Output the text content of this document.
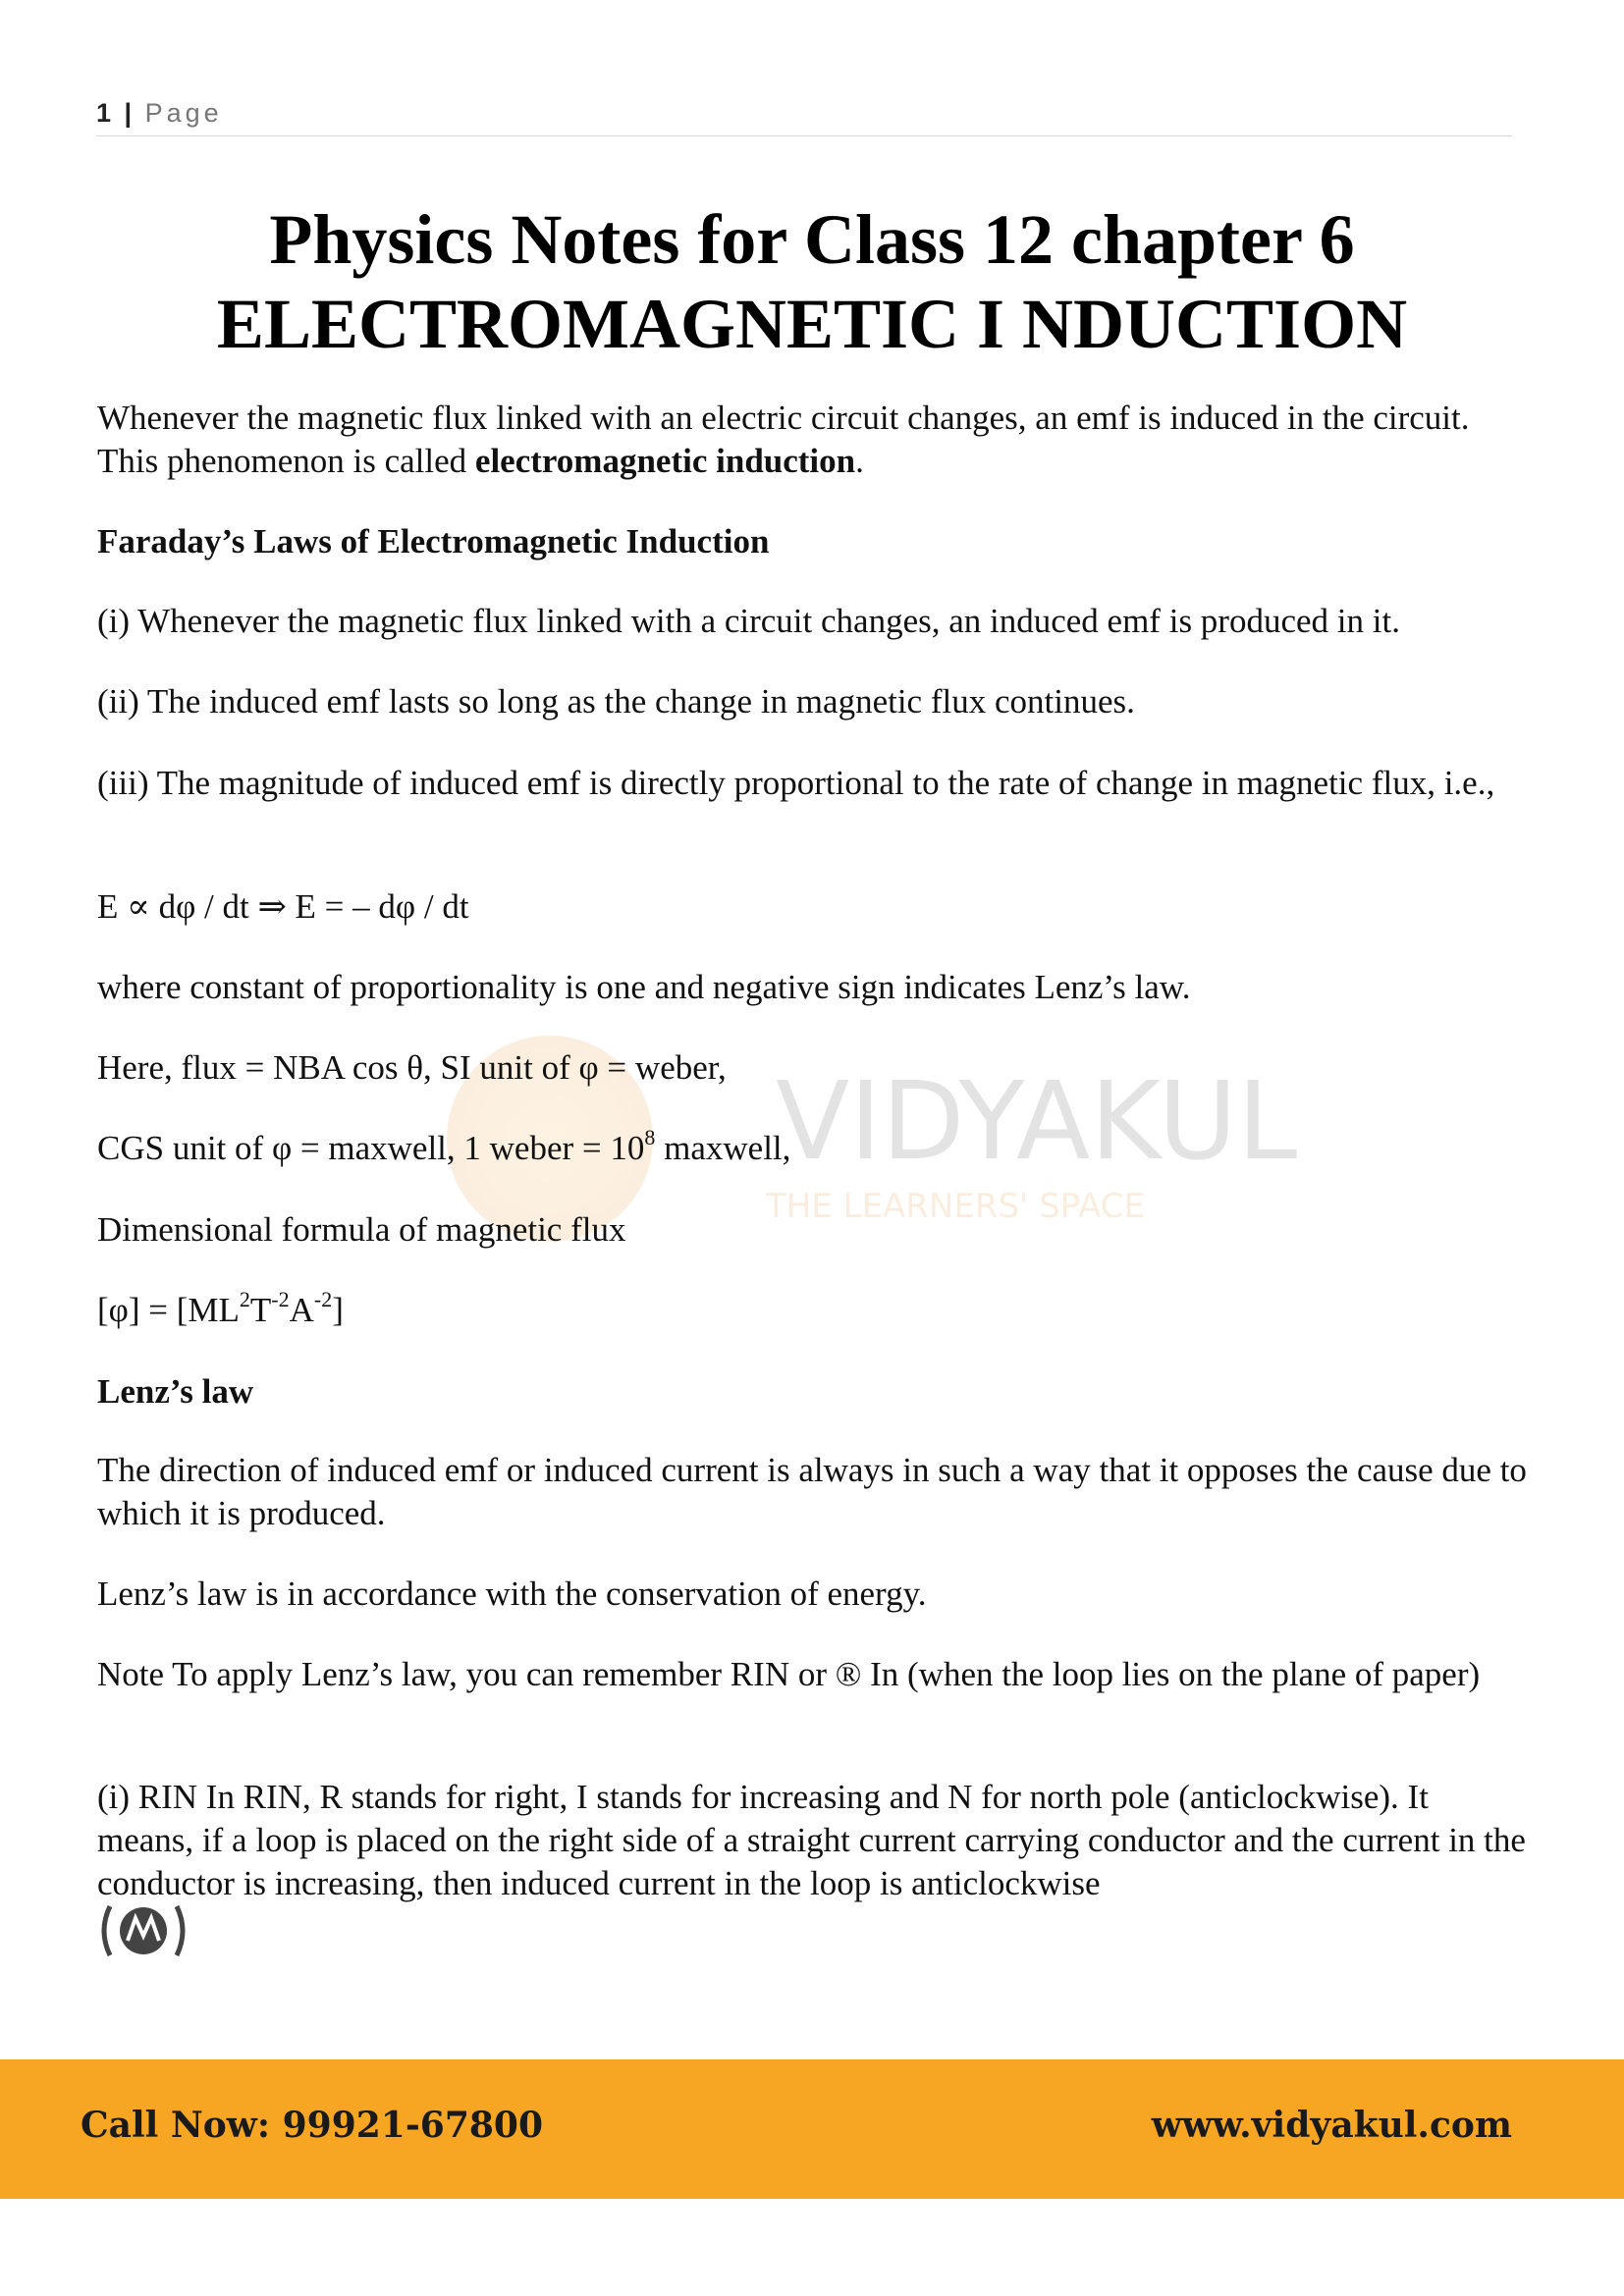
1 | Page
VIDYAKUL
THE LEARNERS' SPACE
Physics Notes for Class 12 chapter 6
ELECTROMAGNETIC I NDUCTION

Whenever the magnetic flux linked with an electric circuit changes, an emf is induced in the circuit. This phenomenon is called electromagnetic induction.

Faraday’s Laws of Electromagnetic Induction

(i) Whenever the magnetic flux linked with a circuit changes, an induced emf is produced in it.

(ii) The induced emf lasts so long as the change in magnetic flux continues.

(iii) The magnitude of induced emf is directly proportional to the rate of change in magnetic flux, i.e.,

E ∝ dφ / dt ⇒ E = – dφ / dt

where constant of proportionality is one and negative sign indicates Lenz’s law.

Here, flux = NBA cos θ, SI unit of φ = weber,

CGS unit of φ = maxwell, 1 weber = $10^8$ maxwell,

Dimensional formula of magnetic flux

$[\varphi] = [ML^2T^{-2}A^{-2}]$

Lenz’s law

The direction of induced emf or induced current is always in such a way that it opposes the cause due to which it is produced.

Lenz’s law is in accordance with the conservation of energy.

Note To apply Lenz’s law, you can remember RIN or ® In (when the loop lies on the plane of paper)

(i) RIN In RIN, R stands for right, I stands for increasing and N for north pole (anticlockwise). It means, if a loop is placed on the right side of a straight current carrying conductor and the current in the conductor is increasing, then induced current in the loop is anticlockwise

Call Now: 99921-67800	www.vidyakul.com
